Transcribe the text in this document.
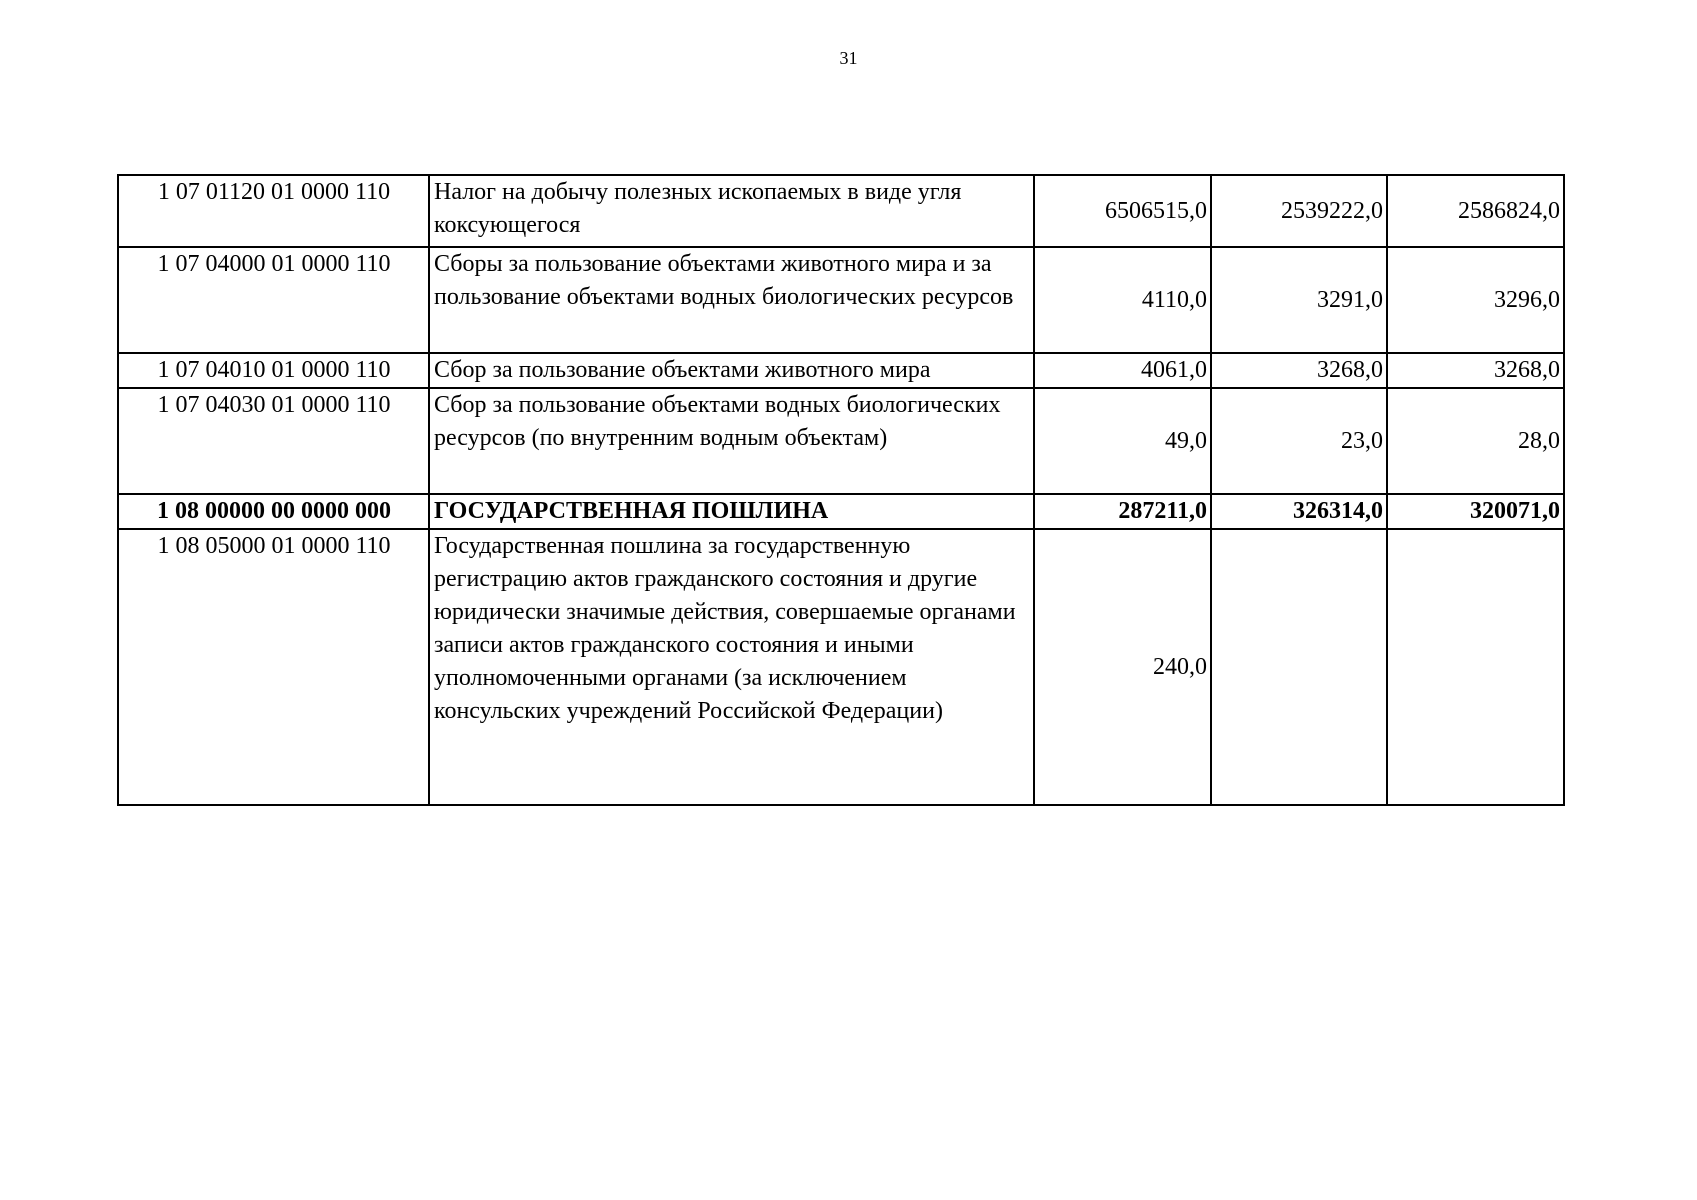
31
1 07 01120 01 0000 110	Налог на добычу полезных ископаемых в виде угля коксующегося	6506515,0	2539222,0	2586824,0
1 07 04000 01 0000 110	Сборы за пользование объектами животного мира и за пользование объектами водных биологических ресурсов	4110,0	3291,0	3296,0
1 07 04010 01 0000 110	Сбор за пользование объектами животного мира	4061,0	3268,0	3268,0
1 07 04030 01 0000 110	Сбор за пользование объектами водных биологических ресурсов (по внутренним водным объектам)	49,0	23,0	28,0
1 08 00000 00 0000 000	ГОСУДАРСТВЕННАЯ ПОШЛИНА	287211,0	326314,0	320071,0
1 08 05000 01 0000 110	Государственная пошлина за государственную регистрацию актов гражданского состояния и другие юридически значимые действия, совершаемые органами записи актов гражданского состояния и иными уполномоченными органами (за исключением консульских учреждений Российской Федерации)	240,0		
